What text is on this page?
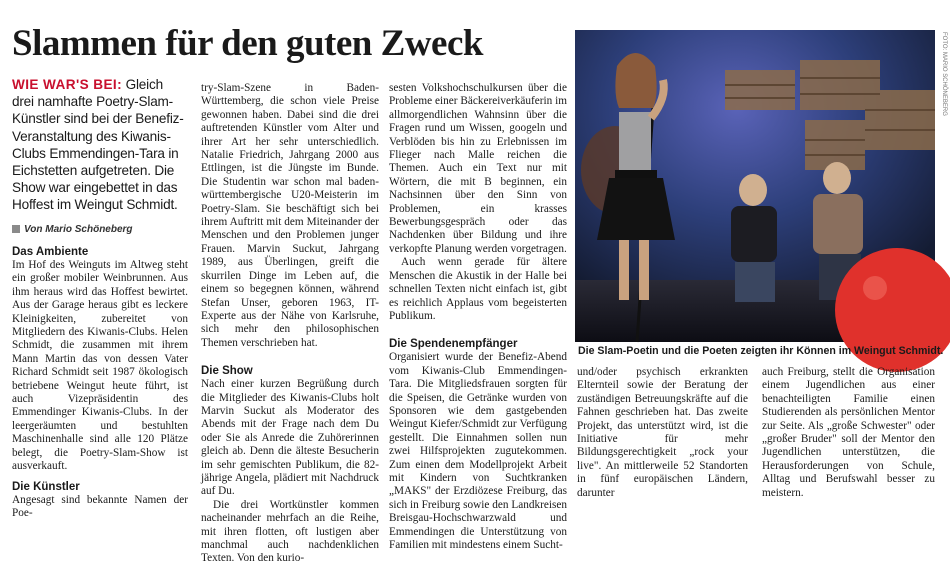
Slammen für den guten Zweck
WIE WAR'S BEI: Gleich drei namhafte Poetry-Slam-Künstler sind bei der Benefiz-Veranstaltung des Kiwanis-Clubs Emmendingen-Tara in Eichstetten aufgetreten. Die Show war eingebettet in das Hoffest im Weingut Schmidt.
Von Mario Schöneberg
Das Ambiente

Im Hof des Weinguts im Altweg steht ein großer mobiler Weinbrunnen. Aus ihm heraus wird das Hoffest bewirtet. Aus der Garage heraus gibt es leckere Kleinigkeiten, zubereitet von Mitgliedern des Kiwanis-Clubs. Helen Schmidt, die zusammen mit ihrem Mann Martin das von dessen Vater Richard Schmidt seit 1987 ökologisch betriebene Weingut heute führt, ist auch Vizepräsidentin des Emmendinger Kiwanis-Clubs. In der leergeräumten und bestuhlten Maschinenhalle sind alle 120 Plätze belegt, die Poetry-Slam-Show ist ausverkauft.

Die Künstler

Angesagt sind bekannte Namen der Poe-

try-Slam-Szene in Baden-Württemberg, die schon viele Preise gewonnen haben. Dabei sind die drei auftretenden Künstler vom Alter und ihrer Art her sehr unterschiedlich. Natalie Friedrich, Jahrgang 2000 aus Ettlingen, ist die Jüngste im Bunde. Die Studentin war schon mal baden-württembergische U20-Meisterin im Poetry-Slam. Sie beschäftigt sich bei ihrem Auftritt mit dem Miteinander der Menschen und den Problemen junger Frauen. Marvin Suckut, Jahrgang 1989, aus Überlingen, greift die skurrilen Dinge im Leben auf, die einem so begegnen können, während Stefan Unser, geboren 1963, IT-Experte aus der Nähe von Karlsruhe, sich mehr den philosophischen Themen verschrieben hat.

Die Show

Nach einer kurzen Begrüßung durch die Mitglieder des Kiwanis-Clubs holt Marvin Suckut als Moderator des Abends mit der Frage nach dem Du oder Sie als Anrede die Zuhörerinnen gleich ab. Denn die älteste Besucherin im sehr gemischten Publikum, die 82-jährige Angela, plädiert mit Nachdruck auf Du.

Die drei Wortkünstler kommen nacheinander mehrfach an die Reihe, mit ihren flotten, oft lustigen aber manchmal auch nachdenklichen Texten. Von den kurio-

sesten Volkshochschulkursen über die Probleme einer Bäckereiverkäuferin im allmorgendlichen Wahnsinn über die Fragen rund um Wissen, googeln und Verblöden bis hin zu Erlebnissen im Flieger nach Malle reichen die Themen. Auch ein Text nur mit Wörtern, die mit B beginnen, ein Nachsinnen über den Sinn von Problemen, ein krasses Bewerbungsgespräch oder das Nachdenken über Bildung und ihre verkopfte Planung werden vorgetragen.

Auch wenn gerade für ältere Menschen die Akustik in der Halle bei schnellen Texten nicht einfach ist, gibt es reichlich Applaus vom begeisterten Publikum.

Die Spendenempfänger

Organisiert wurde der Benefiz-Abend vom Kiwanis-Club Emmendingen-Tara. Die Mitgliedsfrauen sorgten für die Speisen, die Getränke wurden von Sponsoren wie dem gastgebenden Weingut Kiefer/Schmidt zur Verfügung gestellt. Die Einnahmen sollen nun zwei Hilfsprojekten zugutekommen. Zum einen dem Modellprojekt Arbeit mit Kindern von Suchtkranken „MAKS" der Erzdiözese Freiburg, das sich in Freiburg sowie den Landkreisen Breisgau-Hochschwarzwald und Emmendingen die Unterstützung von Familien mit mindestens einem Sucht-

FOTO: MARIO SCHÖNEBERG
Die Slam-Poetin und die Poeten zeigten ihr Können im Weingut Schmidt.

und/oder psychisch erkrankten Elternteil sowie der Beratung der zuständigen Betreuungskräfte auf die Fahnen geschrieben hat. Das zweite Projekt, das unterstützt wird, ist die Initiative für mehr Bildungsgerechtigkeit „rock your live". An mittlerweile 52 Standorten in fünf europäischen Ländern, darunter

auch Freiburg, stellt die Organisation einem Jugendlichen aus einer benachteiligten Familie einen Studierenden als persönlichen Mentor zur Seite. Als „große Schwester" oder „großer Bruder" soll der Mentor den Jugendlichen unterstützen, die Herausforderungen von Schule, Alltag und Berufswahl besser zu meistern.
